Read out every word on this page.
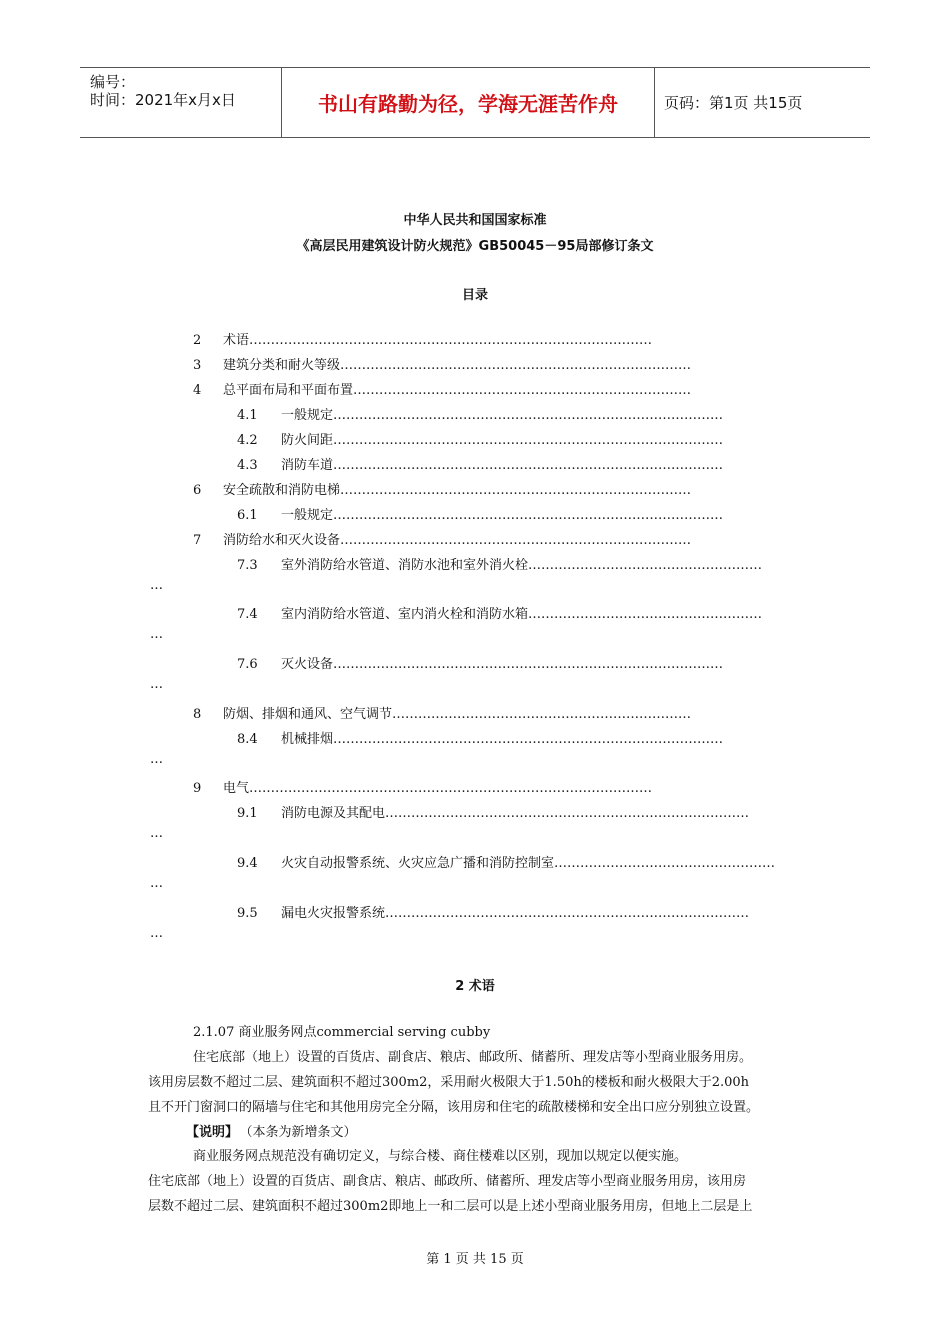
编号：
时间：2021年x月x日	书山有路勤为径，学海无涯苦作舟	页码：第1页 共15页
中华人民共和国国家标准
《高层民用建筑设计防火规范》GB50045－95局部修订条文
目录
2 术语…………………………………………………………………………………
3 建筑分类和耐火等级………………………………………………………………………
4 总平面布局和平面布置……………………………………………………………………
4.1 一般规定………………………………………………………………………………
4.2 防火间距………………………………………………………………………………
4.3 消防车道………………………………………………………………………………
6 安全疏散和消防电梯………………………………………………………………………
6.1 一般规定………………………………………………………………………………
7 消防给水和灭火设备………………………………………………………………………
7.3 室外消防给水管道、消防水池和室外消火栓………………………………………………
…
7.4 室内消防给水管道、室内消火栓和消防水箱………………………………………………
…
7.6 灭火设备………………………………………………………………………………
…
8 防烟、排烟和通风、空气调节……………………………………………………………
8.4 机械排烟………………………………………………………………………………
…
9 电气…………………………………………………………………………………
9.1 消防电源及其配电…………………………………………………………………………
…
9.4 火灾自动报警系统、火灾应急广播和消防控制室……………………………………………
…
9.5 漏电火灾报警系统…………………………………………………………………………
…
2 术语
2.1.07 商业服务网点commercial serving cubby
住宅底部（地上）设置的百货店、副食店、粮店、邮政所、储蓄所、理发店等小型商业服务用房。
该用房层数不超过二层、建筑面积不超过300m2，采用耐火极限大于1.50h的楼板和耐火极限大于2.00h
且不开门窗洞口的隔墙与住宅和其他用房完全分隔，该用房和住宅的疏散楼梯和安全出口应分别独立设置。
【说明】 （本条为新增条文）
商业服务网点规范没有确切定义，与综合楼、商住楼难以区别，现加以规定以便实施。
住宅底部（地上）设置的百货店、副食店、粮店、邮政所、储蓄所、理发店等小型商业服务用房，该用房
层数不超过二层、建筑面积不超过300m2即地上一和二层可以是上述小型商业服务用房，但地上二层是上
第 1 页 共 15 页
